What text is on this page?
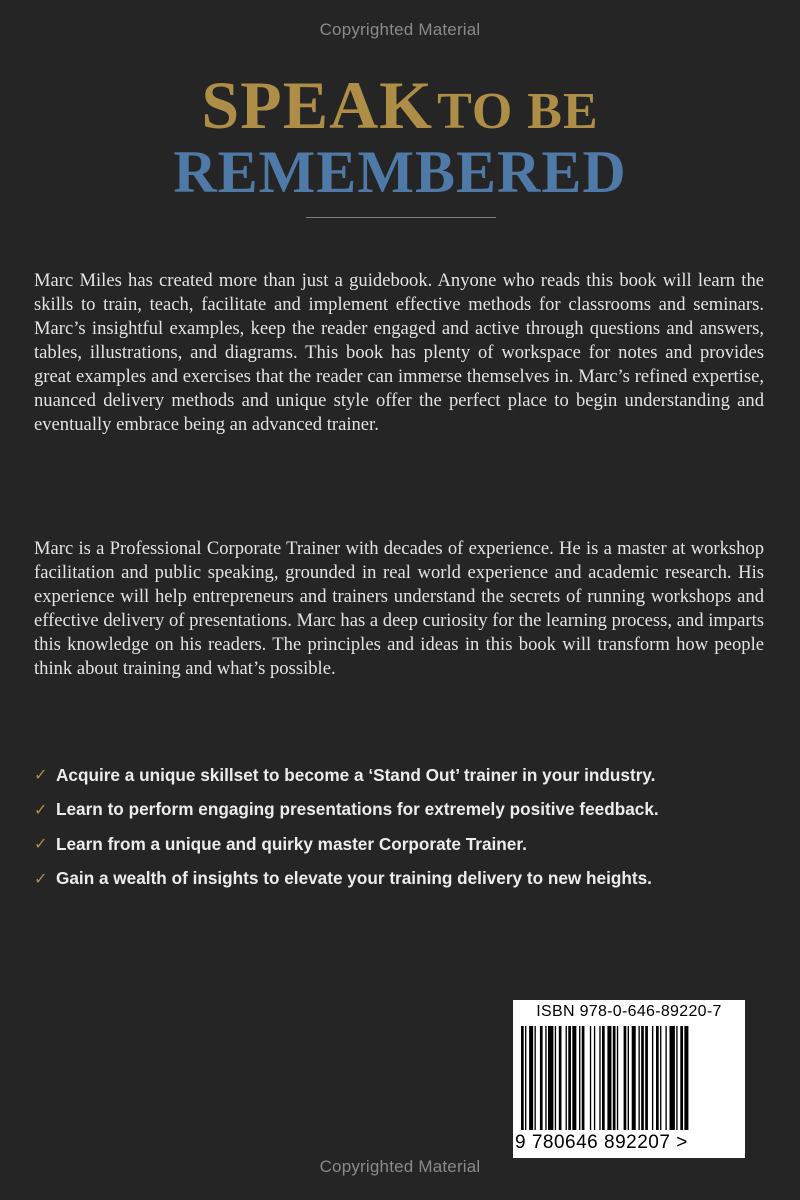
Copyrighted Material
SPEAK TO BE
REMEMBERED

Marc Miles has created more than just a guidebook. Anyone who reads this book will learn the skills to train, teach, facilitate and implement effective methods for classrooms and seminars. Marc’s insightful examples, keep the reader engaged and active through questions and answers, tables, illustrations, and diagrams. This book has plenty of workspace for notes and provides great examples and exercises that the reader can immerse themselves in. Marc’s refined expertise, nuanced delivery methods and unique style offer the perfect place to begin understanding and eventually embrace being an advanced trainer.

Marc is a Professional Corporate Trainer with decades of experience. He is a master at workshop facilitation and public speaking, grounded in real world experience and academic research. His experience will help entrepreneurs and trainers understand the secrets of running workshops and effective delivery of presentations. Marc has a deep curiosity for the learning process, and imparts this knowledge on his readers. The principles and ideas in this book will transform how people think about training and what’s possible.

✓ Acquire a unique skillset to become a ‘Stand Out’ trainer in your industry.
✓ Learn to perform engaging presentations for extremely positive feedback.
✓ Learn from a unique and quirky master Corporate Trainer.
✓ Gain a wealth of insights to elevate your training delivery to new heights.
ISBN 978-0-646-89220-7
9 780646 892207 >
Copyrighted Material
